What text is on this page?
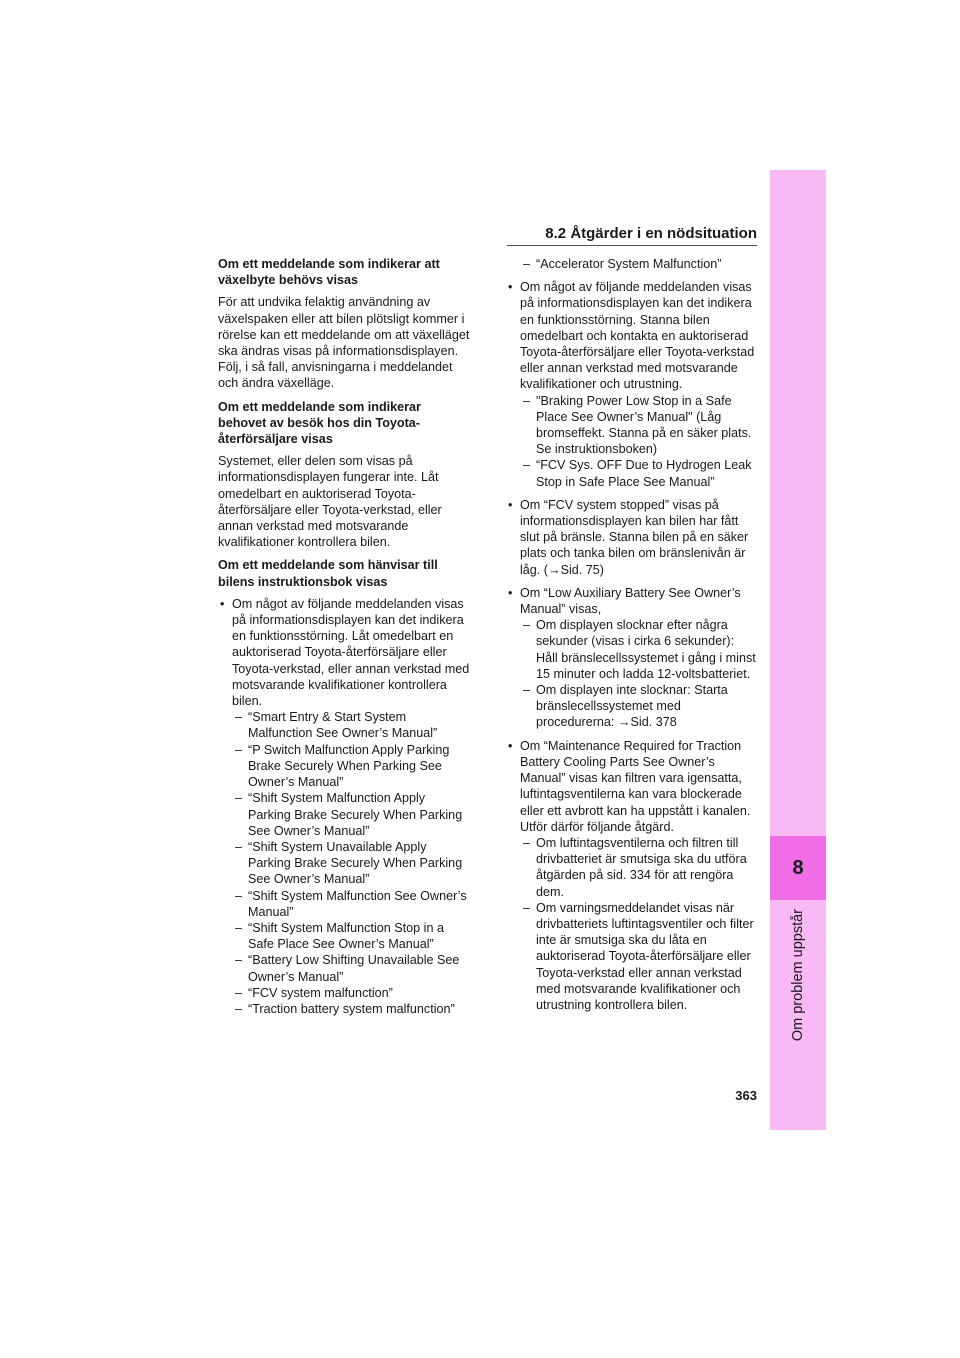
8
Om problem uppstår
8.2 Åtgärder i en nödsituation
Om ett meddelande som indikerar att växelbyte behövs visas
För att undvika felaktig användning av växelspaken eller att bilen plötsligt kommer i rörelse kan ett meddelande om att växelläget ska ändras visas på informationsdisplayen. Följ, i så fall, anvisningarna i meddelandet och ändra växelläge.
Om ett meddelande som indikerar behovet av besök hos din Toyota-återförsäljare visas
Systemet, eller delen som visas på informationsdisplayen fungerar inte. Låt omedelbart en auktoriserad Toyota-återförsäljare eller Toyota-verkstad, eller annan verkstad med motsvarande kvalifikationer kontrollera bilen.
Om ett meddelande som hänvisar till bilens instruktionsbok visas
• Om något av följande meddelanden visas på informationsdisplayen kan det indikera en funktionsstörning. Låt omedelbart en auktoriserad Toyota-återförsäljare eller Toyota-verkstad, eller annan verkstad med motsvarande kvalifikationer kontrollera bilen.
– “Smart Entry & Start System Malfunction See Owner’s Manual”
– “P Switch Malfunction Apply Parking Brake Securely When Parking See Owner’s Manual”
– “Shift System Malfunction Apply Parking Brake Securely When Parking See Owner’s Manual”
– “Shift System Unavailable Apply Parking Brake Securely When Parking See Owner’s Manual”
– “Shift System Malfunction See Owner’s Manual”
– “Shift System Malfunction Stop in a Safe Place See Owner’s Manual”
– “Battery Low Shifting Unavailable See Owner’s Manual”
– “FCV system malfunction”
– “Traction battery system malfunction”
– “Accelerator System Malfunction”
• Om något av följande meddelanden visas på informationsdisplayen kan det indikera en funktionsstörning. Stanna bilen omedelbart och kontakta en auktoriserad Toyota-återförsäljare eller Toyota-verkstad eller annan verkstad med motsvarande kvalifikationer och utrustning.
– "Braking Power Low Stop in a Safe Place See Owner’s Manual" (Låg bromseffekt. Stanna på en säker plats. Se instruktionsboken)
– “FCV Sys. OFF Due to Hydrogen Leak Stop in Safe Place See Manual”
• Om “FCV system stopped” visas på informationsdisplayen kan bilen har fått slut på bränsle. Stanna bilen på en säker plats och tanka bilen om bränslenivån är låg. (→Sid. 75)
• Om “Low Auxiliary Battery See Owner’s Manual” visas,
– Om displayen slocknar efter några sekunder (visas i cirka 6 sekunder): Håll bränslecellssystemet i gång i minst 15 minuter och ladda 12-voltsbatteriet.
– Om displayen inte slocknar: Starta bränslecellssystemet med procedurerna: →Sid. 378
• Om “Maintenance Required for Traction Battery Cooling Parts See Owner’s Manual” visas kan filtren vara igensatta, luftintagsventilerna kan vara blockerade eller ett avbrott kan ha uppstått i kanalen. Utför därför följande åtgärd.
– Om luftintagsventilerna och filtren till drivbatteriet är smutsiga ska du utföra åtgärden på sid. 334 för att rengöra dem.
– Om varningsmeddelandet visas när drivbatteriets luftintagsventiler och filter inte är smutsiga ska du låta en auktoriserad Toyota-återförsäljare eller Toyota-verkstad eller annan verkstad med motsvarande kvalifikationer och utrustning kontrollera bilen.
363
